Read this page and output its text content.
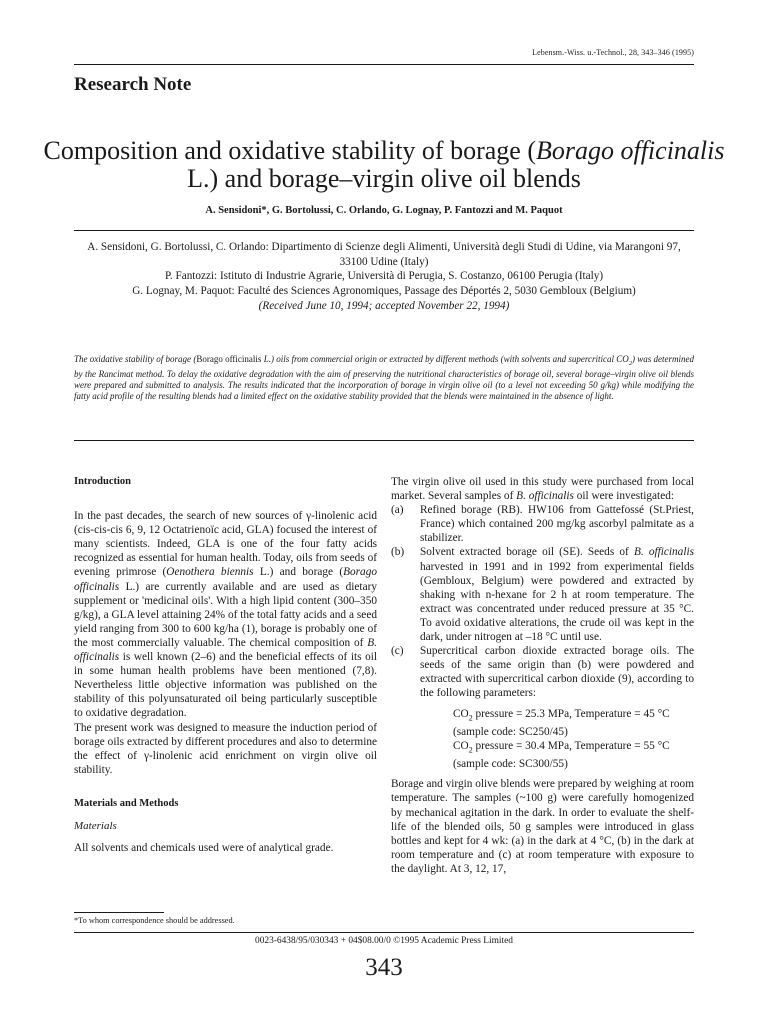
Lebensm.-Wiss. u.-Technol., 28, 343–346 (1995)
Research Note
Composition and oxidative stability of borage (Borago officinalis L.) and borage–virgin olive oil blends
A. Sensidoni*, G. Bortolussi, C. Orlando, G. Lognay, P. Fantozzi and M. Paquot

A. Sensidoni, G. Bortolussi, C. Orlando: Dipartimento di Scienze degli Alimenti, Università degli Studi di Udine, via Marangoni 97, 33100 Udine (Italy)

P. Fantozzi: Istituto di Industrie Agrarie, Università di Perugia, S. Costanzo, 06100 Perugia (Italy)

G. Lognay, M. Paquot: Faculté des Sciences Agronomiques, Passage des Déportés 2, 5030 Gembloux (Belgium)

(Received June 10, 1994; accepted November 22, 1994)

The oxidative stability of borage (Borago officinalis L.) oils from commercial origin or extracted by different methods (with solvents and supercritical $CO_2$) was determined by the Rancimat method. To delay the oxidative degradation with the aim of preserving the nutritional characteristics of borage oil, several borage–virgin olive oil blends were prepared and submitted to analysis. The results indicated that the incorporation of borage in virgin olive oil (to a level not exceeding 50 g/kg) while modifying the fatty acid profile of the resulting blends had a limited effect on the oxidative stability provided that the blends were maintained in the absence of light.
Introduction

In the past decades, the search of new sources of γ-linolenic acid (cis-cis-cis 6, 9, 12 Octatrienoïc acid, GLA) focused the interest of many scientists. Indeed, GLA is one of the four fatty acids recognized as essential for human health. Today, oils from seeds of evening primrose (Oenothera biennis L.) and borage (Borago officinalis L.) are currently available and are used as dietary supplement or 'medicinal oils'. With a high lipid content (300–350 g/kg), a GLA level attaining 24% of the total fatty acids and a seed yield ranging from 300 to 600 kg/ha (1), borage is probably one of the most commercially valuable. The chemical composition of B. officinalis is well known (2–6) and the beneficial effects of its oil in some human health problems have been mentioned (7,8). Nevertheless little objective information was published on the stability of this polyunsaturated oil being particularly susceptible to oxidative degradation.

The present work was designed to measure the induction period of borage oils extracted by different procedures and also to determine the effect of γ-linolenic acid enrichment on virgin olive oil stability.

Materials and Methods
Materials

All solvents and chemicals used were of analytical grade.

The virgin olive oil used in this study were purchased from local market. Several samples of B. officinalis oil were investigated:

(a)	Refined borage (RB). HW106 from Gattefossé (St.Priest, France) which contained 200 mg/kg ascorbyl palmitate as a stabilizer.
(b)	Solvent extracted borage oil (SE). Seeds of B. officinalis harvested in 1991 and in 1992 from experimental fields (Gembloux, Belgium) were powdered and extracted by shaking with n-hexane for 2 h at room temperature. The extract was concentrated under reduced pressure at 35 °C. To avoid oxidative alterations, the crude oil was kept in the dark, under nitrogen at –18 °C until use.
(c)	Supercritical carbon dioxide extracted borage oils. The seeds of the same origin than (b) were powdered and extracted with supercritical carbon dioxide (9), according to the following parameters:
$CO_2$ pressure = 25.3 MPa, Temperature = 45 °C (sample code: SC250/45)
$CO_2$ pressure = 30.4 MPa, Temperature = 55 °C (sample code: SC300/55)

Borage and virgin olive blends were prepared by weighing at room temperature. The samples (~100 g) were carefully homogenized by mechanical agitation in the dark. In order to evaluate the shelf-life of the blended oils, 50 g samples were introduced in glass bottles and kept for 4 wk: (a) in the dark at 4 °C, (b) in the dark at room temperature and (c) at room temperature with exposure to the daylight. At 3, 12, 17,

*To whom correspondence should be addressed.
0023-6438/95/030343 + 04$08.00/0 ©1995 Academic Press Limited
343
